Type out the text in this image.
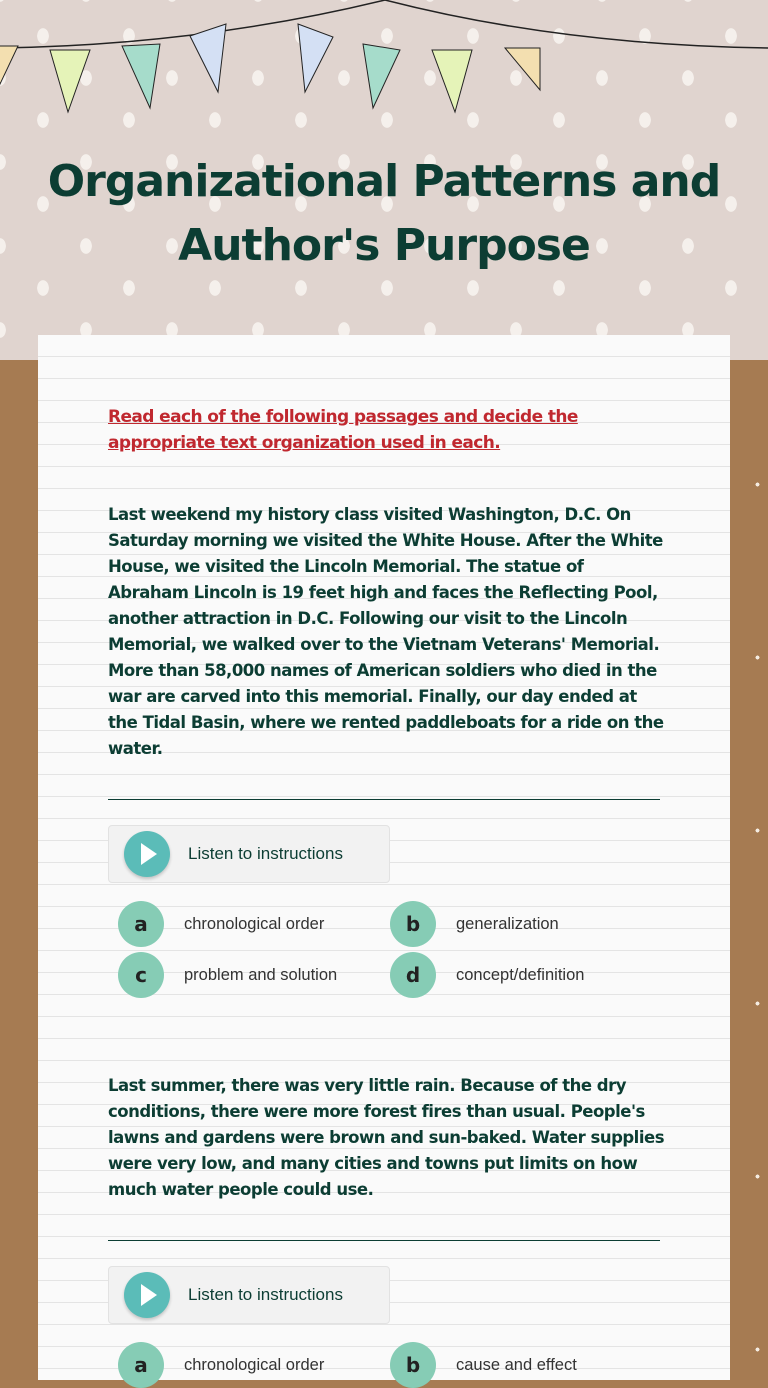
Organizational Patterns and
Author's Purpose
Read each of the following passages and decide the appropriate text organization used in each.
Last weekend my history class visited Washington, D.C. On Saturday morning we visited the White House. After the White House, we visited the Lincoln Memorial. The statue of Abraham Lincoln is 19 feet high and faces the Reflecting Pool, another attraction in D.C. Following our visit to the Lincoln Memorial, we walked over to the Vietnam Veterans' Memorial. More than 58,000 names of American soldiers who died in the war are carved into this memorial. Finally, our day ended at the Tidal Basin, where we rented paddleboats for a ride on the water.
Listen to instructions
a	chronological order	b	generalization
c	problem and solution	d	concept/definition
Last summer, there was very little rain. Because of the dry conditions, there were more forest fires than usual. People's lawns and gardens were brown and sun-baked. Water supplies were very low, and many cities and towns put limits on how much water people could use.
Listen to instructions
a	chronological order	b	cause and effect
